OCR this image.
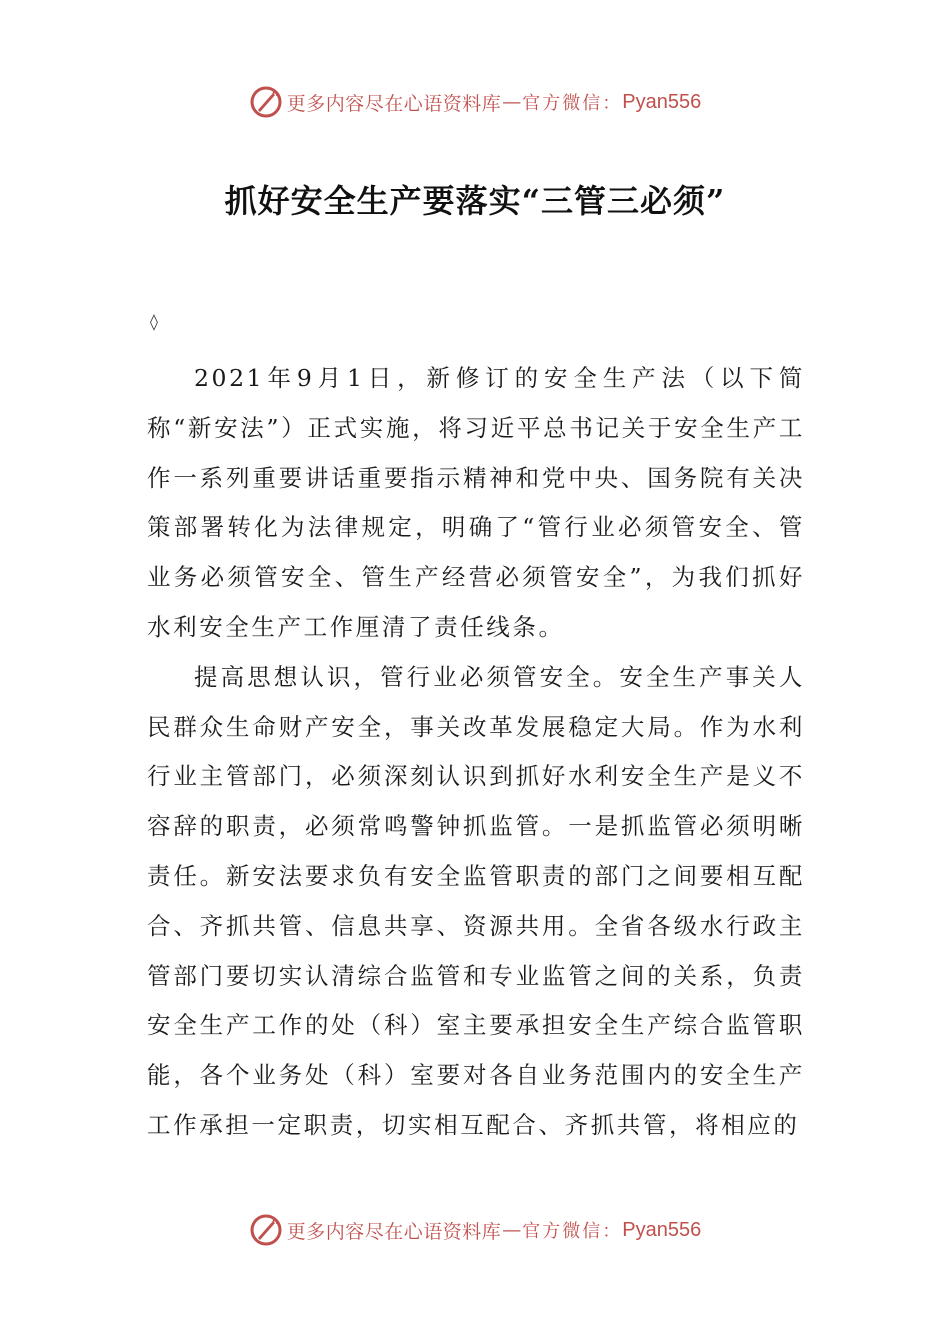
更多内容尽在心语资料库 — 官方微信： Pyan556
抓好安全生产要落实“三管三必须”
◊

2021年9月1日，新修订的安全生产法（以下简称“新安法”）正式实施，将习近平总书记关于安全生产工作一系列重要讲话重要指示精神和党中央、国务院有关决策部署转化为法律规定，明确了“管行业必须管安全、管业务必须管安全、管生产经营必须管安全”，为我们抓好水利安全生产工作厘清了责任线条。

提高思想认识，管行业必须管安全。安全生产事关人民群众生命财产安全，事关改革发展稳定大局。作为水利行业主管部门，必须深刻认识到抓好水利安全生产是义不容辞的职责，必须常鸣警钟抓监管。一是抓监管必须明晰责任。新安法要求负有安全监管职责的部门之间要相互配合、齐抓共管、信息共享、资源共用。全省各级水行政主管部门要切实认清综合监管和专业监管之间的关系，负责安全生产工作的处（科）室主要承担安全生产综合监管职能，各个业务处（科）室要对各自业务范围内的安全生产工作承担一定职责，切实相互配合、齐抓共管，将相应的

更多内容尽在心语资料库 — 官方微信： Pyan556
